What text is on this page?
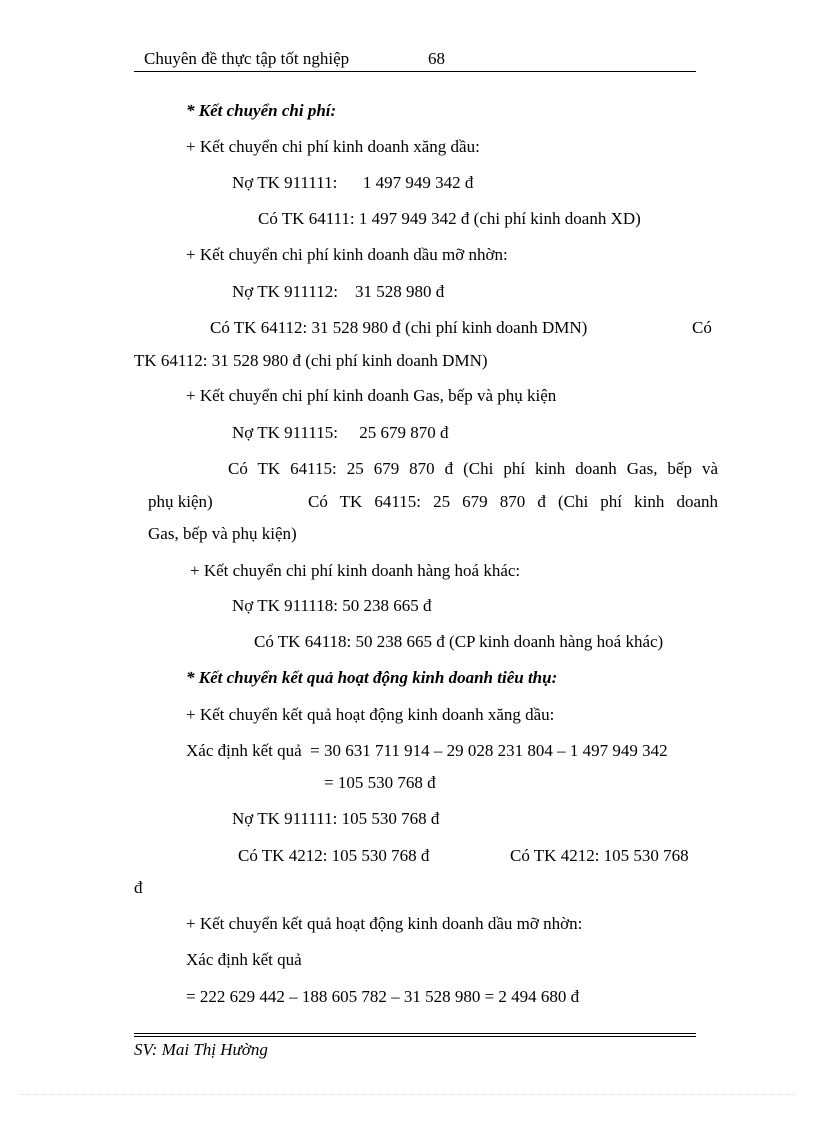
Chuyên đề thực tập tốt nghiệp	68
* Kết chuyển chi phí:
+ Kết chuyển chi phí kinh doanh xăng dầu:
Nợ TK 911111:      1 497 949 342 đ
Có TK 64111: 1 497 949 342 đ (chi phí kinh doanh XD)
+ Kết chuyển chi phí kinh doanh dầu mỡ nhờn:
Nợ TK 911112:    31 528 980 đ
Có TK 64112: 31 528 980 đ (chi phí kinh doanh DMN)	Có
TK 64112: 31 528 980 đ (chi phí kinh doanh DMN)
+ Kết chuyển chi phí kinh doanh Gas, bếp và phụ kiện
Nợ TK 911115:     25 679 870 đ
Có TK 64115: 25 679 870 đ (Chi phí kinh doanh Gas, bếp và
phụ kiện)	Có TK 64115: 25 679 870 đ (Chi phí kinh doanh
Gas, bếp và phụ kiện)
+ Kết chuyển chi phí kinh doanh hàng hoá khác:
Nợ TK 911118: 50 238 665 đ
Có TK 64118: 50 238 665 đ (CP kinh doanh hàng hoá khác)
* Kết chuyển kết quả hoạt động kinh doanh tiêu thụ:
+ Kết chuyển kết quả hoạt động kinh doanh xăng dầu:
Xác định kết quả  = 30 631 711 914 – 29 028 231 804 – 1 497 949 342
= 105 530 768 đ
Nợ TK 911111: 105 530 768 đ
Có TK 4212: 105 530 768 đ	Có TK 4212: 105 530 768
đ
+ Kết chuyển kết quả hoạt động kinh doanh dầu mỡ nhờn:
Xác định kết quả
= 222 629 442 – 188 605 782 – 31 528 980 = 2 494 680 đ
SV: Mai Thị Hường
